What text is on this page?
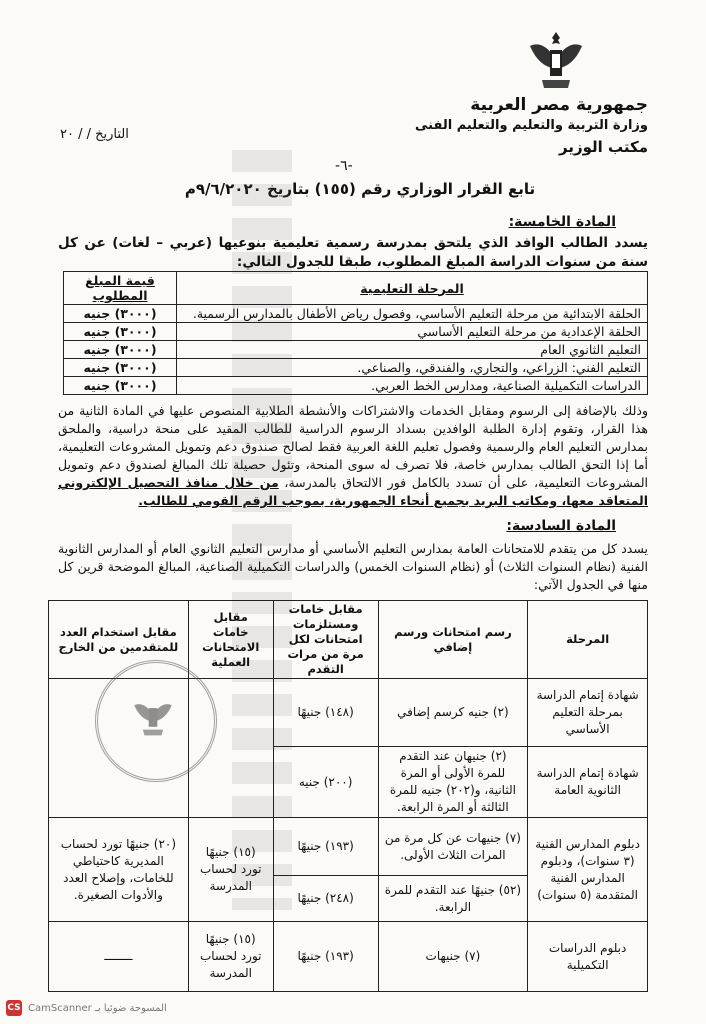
جمهورية مصر العربية
وزارة التربية والتعليم والتعليم الفنى
مكتب الوزير
التاريخ / / ٢٠
-٦-
تابع القرار الوزاري رقم (١٥٥) بتاريخ ٩/٦/٢٠٢٠م
المادة الخامسة:
يسدد الطالب الوافد الذي يلتحق بمدرسة رسمية تعليمية بنوعيها (عربي – لغات) عن كل سنة من سنوات الدراسة المبلغ المطلوب، طبقا للجدول التالي:
المرحلة التعليمية	قيمة المبلغ المطلوب
الحلقة الابتدائية من مرحلة التعليم الأساسي، وفصول رياض الأطفال بالمدارس الرسمية.	(٣٠٠٠) جنيه
الحلقة الإعدادية من مرحلة التعليم الأساسي	(٣٠٠٠) جنيه
التعليم الثانوي العام	(٣٠٠٠) جنيه
التعليم الفني: الزراعي، والتجاري، والفندقي، والصناعي.	(٣٠٠٠) جنيه
الدراسات التكميلية الصناعية، ومدارس الخط العربي.	(٣٠٠٠) جنيه
وذلك بالإضافة إلى الرسوم ومقابل الخدمات والاشتراكات والأنشطة الطلابية المنصوص عليها في المادة الثانية من هذا القرار، وتقوم إدارة الطلبة الوافدين بسداد الرسوم الدراسية للطالب المقيد على منحة دراسية، والملحق بمدارس التعليم العام والرسمية وفصول تعليم اللغة العربية فقط لصالح صندوق دعم وتمويل المشروعات التعليمية، أما إذا التحق الطالب بمدارس خاصة، فلا تصرف له سوى المنحة، وتئول حصيلة تلك المبالغ لصندوق دعم وتمويل المشروعات التعليمية، على أن تسدد بالكامل فور الالتحاق بالمدرسة، من خلال منافذ التحصيل الإلكتروني المتعاقد معها، ومكاتب البريد بجميع أنحاء الجمهورية، بموجب الرقم القومي للطالب.
المادة السادسة:
يسدد كل من يتقدم للامتحانات العامة بمدارس التعليم الأساسي أو مدارس التعليم الثانوي العام أو المدارس الثانوية الفنية (نظام السنوات الثلاث) أو (نظام السنوات الخمس) والدراسات التكميلية الصناعية، المبالغ الموضحة قرين كل منها في الجدول الآتي:
المرحلة	رسم امتحانات ورسم إضافي	مقابل خامات ومستلزمات امتحانات لكل مرة من مرات التقدم	مقابل خامات الامتحانات العملية	مقابل استخدام العدد للمتقدمين من الخارج
شهادة إتمام الدراسة بمرحلة التعليم الأساسي	(٢) جنيه كرسم إضافي	(١٤٨) جنيهًا		
شهادة إتمام الدراسة الثانوية العامة	(٢) جنيهان عند التقدم للمرة الأولى أو المرة الثانية، و(٢٠٢) جنيه للمرة الثالثة أو المرة الرابعة.	(٢٠٠) جنيه		
دبلوم المدارس الفنية (٣ سنوات)، ودبلوم المدارس الفنية المتقدمة (٥ سنوات)	(٧) جنيهات عن كل مرة من المرات الثلاث الأولى.	(١٩٣) جنيهًا	(١٥) جنيهًا تورد لحساب المدرسة	(٢٠) جنيهًا تورد لحساب المديرية كاحتياطي للخامات، وإصلاح العدد والأدوات الصغيرة.
	(٥٢) جنيهًا عند التقدم للمرة الرابعة.	(٢٤٨) جنيهًا		
دبلوم الدراسات التكميلية	(٧) جنيهات	(١٩٣) جنيهًا	(١٥) جنيهًا تورد لحساب المدرسة	ــــــــ
CS CamScanner المسوحة ضوئيا بـ
